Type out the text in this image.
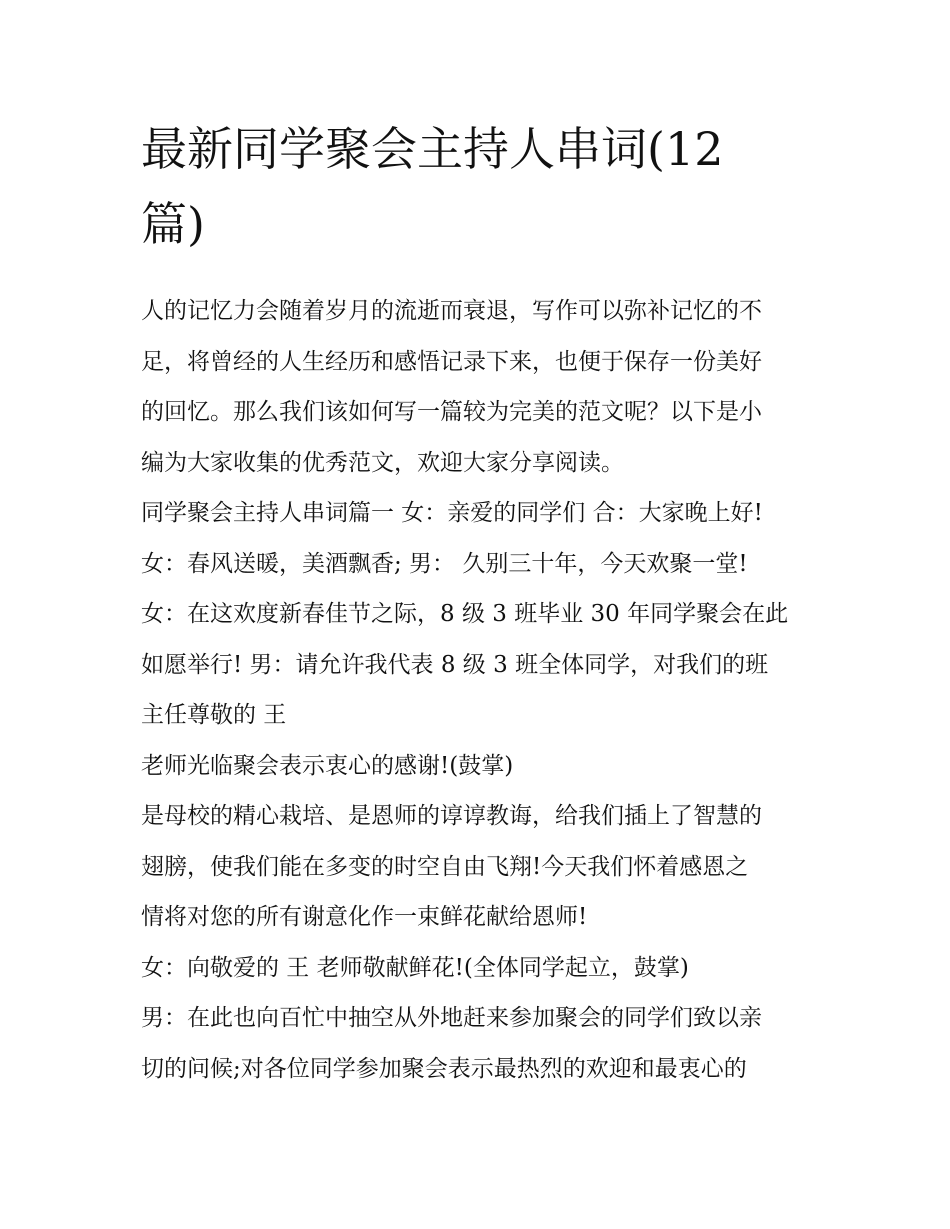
最新同学聚会主持人串词(12
篇)
人的记忆力会随着岁月的流逝而衰退，写作可以弥补记忆的不
足，将曾经的人生经历和感悟记录下来，也便于保存一份美好
的回忆。那么我们该如何写一篇较为完美的范文呢？以下是小
编为大家收集的优秀范文，欢迎大家分享阅读。
同学聚会主持人串词篇一 女：亲爱的同学们 合：大家晚上好!
女：春风送暖，美酒飘香; 男： 久别三十年，今天欢聚一堂!
女：在这欢度新春佳节之际，8 级 3 班毕业 30 年同学聚会在此
如愿举行! 男：请允许我代表 8 级 3 班全体同学，对我们的班
主任尊敬的 王
老师光临聚会表示衷心的感谢!(鼓掌)
是母校的精心栽培、是恩师的谆谆教诲，给我们插上了智慧的
翅膀，使我们能在多变的时空自由飞翔!今天我们怀着感恩之
情将对您的所有谢意化作一束鲜花献给恩师!
女：向敬爱的 王 老师敬献鲜花!(全体同学起立，鼓掌)
男：在此也向百忙中抽空从外地赶来参加聚会的同学们致以亲
切的问候;对各位同学参加聚会表示最热烈的欢迎和最衷心的
